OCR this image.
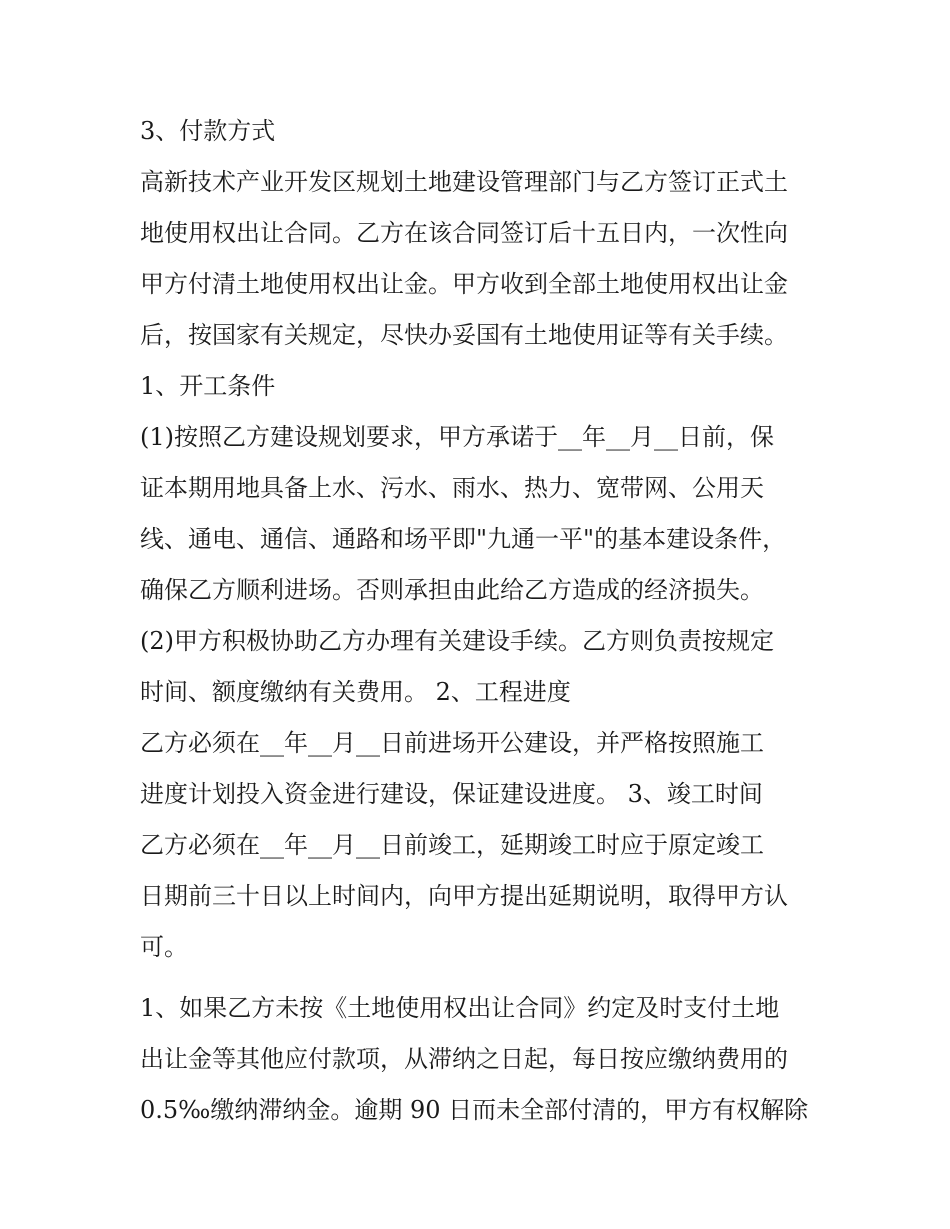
3、付款方式
高新技术产业开发区规划土地建设管理部门与乙方签订正式土
地使用权出让合同。乙方在该合同签订后十五日内，一次性向
甲方付清土地使用权出让金。甲方收到全部土地使用权出让金
后，按国家有关规定，尽快办妥国有土地使用证等有关手续。
1、开工条件
(1)按照乙方建设规划要求，甲方承诺于__年__月__日前，保
证本期用地具备上水、污水、雨水、热力、宽带网、公用天
线、通电、通信、通路和场平即"九通一平"的基本建设条件，
确保乙方顺利进场。否则承担由此给乙方造成的经济损失。
(2)甲方积极协助乙方办理有关建设手续。乙方则负责按规定
时间、额度缴纳有关费用。 2、工程进度
乙方必须在__年__月__日前进场开公建设，并严格按照施工
进度计划投入资金进行建设，保证建设进度。 3、竣工时间
乙方必须在__年__月__日前竣工，延期竣工时应于原定竣工
日期前三十日以上时间内，向甲方提出延期说明，取得甲方认
可。
1、如果乙方未按《土地使用权出让合同》约定及时支付土地
出让金等其他应付款项，从滞纳之日起，每日按应缴纳费用的
0.5‰缴纳滞纳金。逾期 90 日而未全部付清的，甲方有权解除
